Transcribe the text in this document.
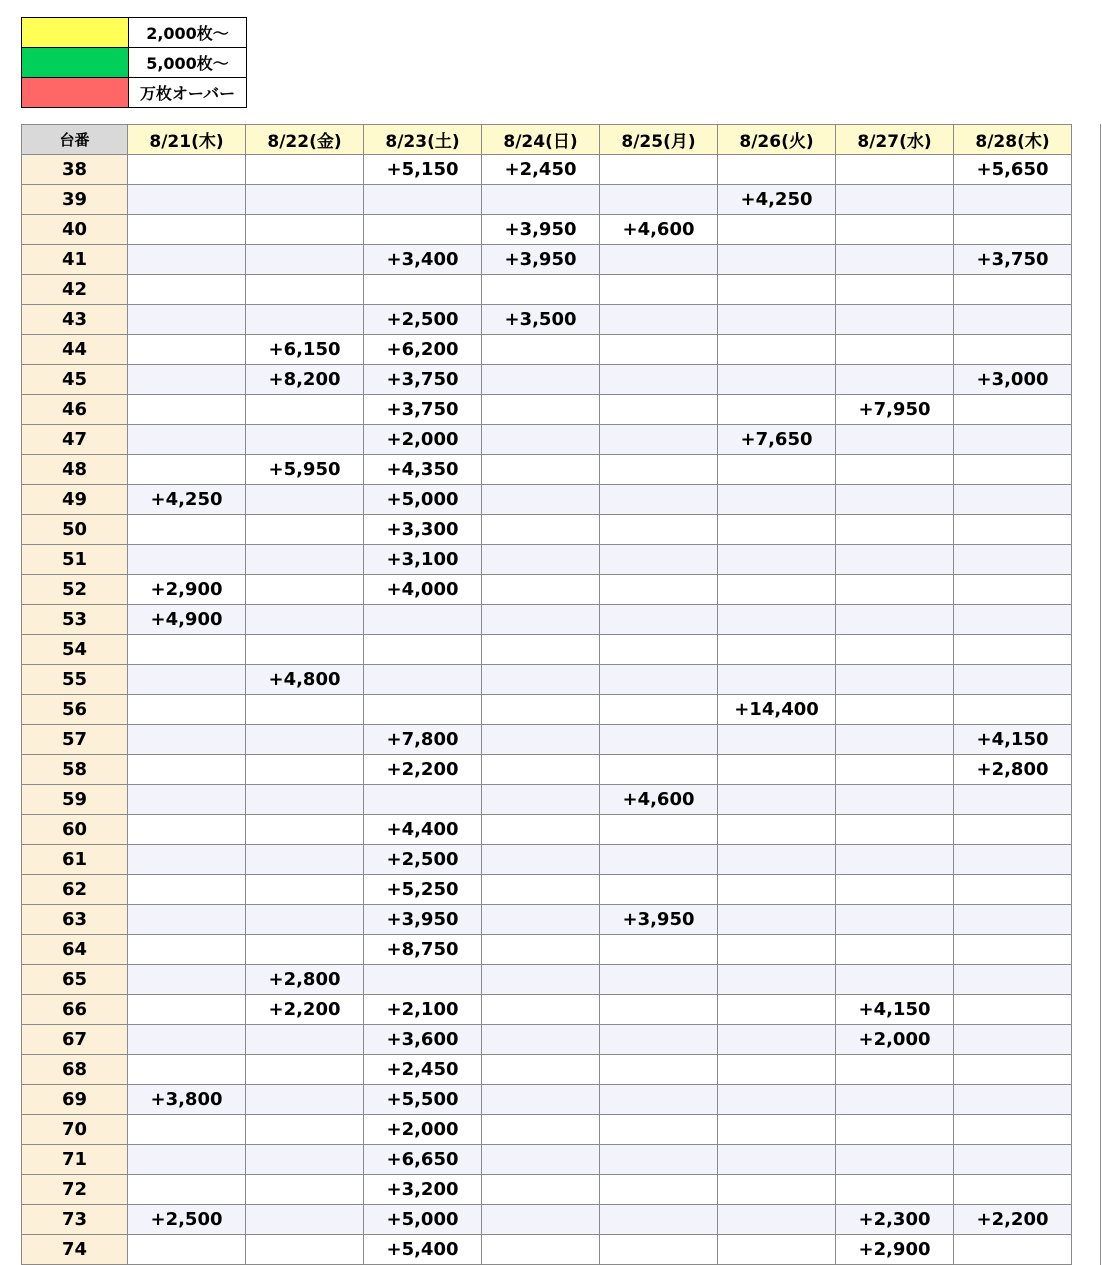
	2,000枚～
	5,000枚～
	万枚オーバー
台番	8/21(木)	8/22(金)	8/23(土)	8/24(日)	8/25(月)	8/26(火)	8/27(水)	8/28(木)
38			+5,150	+2,450				+5,650
39						+4,250		
40				+3,950	+4,600			
41			+3,400	+3,950				+3,750
42								
43			+2,500	+3,500				
44		+6,150	+6,200					
45		+8,200	+3,750					+3,000
46			+3,750				+7,950	
47			+2,000			+7,650		
48		+5,950	+4,350					
49	+4,250		+5,000					
50			+3,300					
51			+3,100					
52	+2,900		+4,000					
53	+4,900							
54								
55		+4,800						
56						+14,400		
57			+7,800					+4,150
58			+2,200					+2,800
59					+4,600			
60			+4,400					
61			+2,500					
62			+5,250					
63			+3,950		+3,950			
64			+8,750					
65		+2,800						
66		+2,200	+2,100				+4,150	
67			+3,600				+2,000	
68			+2,450					
69	+3,800		+5,500					
70			+2,000					
71			+6,650					
72			+3,200					
73	+2,500		+5,000				+2,300	+2,200
74			+5,400				+2,900	
